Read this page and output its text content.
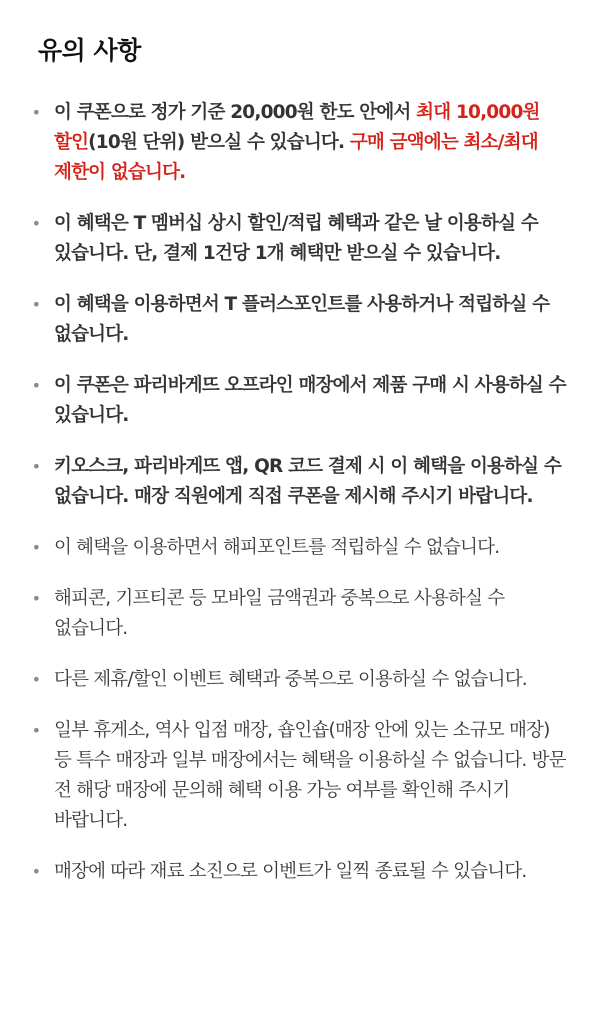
유의 사항
• 이 쿠폰으로 정가 기준 20,000원 한도 안에서 최대 10,000원 할인(10원 단위) 받으실 수 있습니다. 구매 금액에는 최소/최대 제한이 없습니다.
• 이 혜택은 T 멤버십 상시 할인/적립 혜택과 같은 날 이용하실 수 있습니다. 단, 결제 1건당 1개 혜택만 받으실 수 있습니다.
• 이 혜택을 이용하면서 T 플러스포인트를 사용하거나 적립하실 수 없습니다.
• 이 쿠폰은 파리바게뜨 오프라인 매장에서 제품 구매 시 사용하실 수 있습니다.
• 키오스크, 파리바게뜨 앱, QR 코드 결제 시 이 혜택을 이용하실 수 없습니다. 매장 직원에게 직접 쿠폰을 제시해 주시기 바랍니다.
• 이 혜택을 이용하면서 해피포인트를 적립하실 수 없습니다.
• 해피콘, 기프티콘 등 모바일 금액권과 중복으로 사용하실 수 없습니다.
• 다른 제휴/할인 이벤트 혜택과 중복으로 이용하실 수 없습니다.
• 일부 휴게소, 역사 입점 매장, 숍인숍(매장 안에 있는 소규모 매장) 등 특수 매장과 일부 매장에서는 혜택을 이용하실 수 없습니다. 방문 전 해당 매장에 문의해 혜택 이용 가능 여부를 확인해 주시기 바랍니다.
• 매장에 따라 재료 소진으로 이벤트가 일찍 종료될 수 있습니다.
